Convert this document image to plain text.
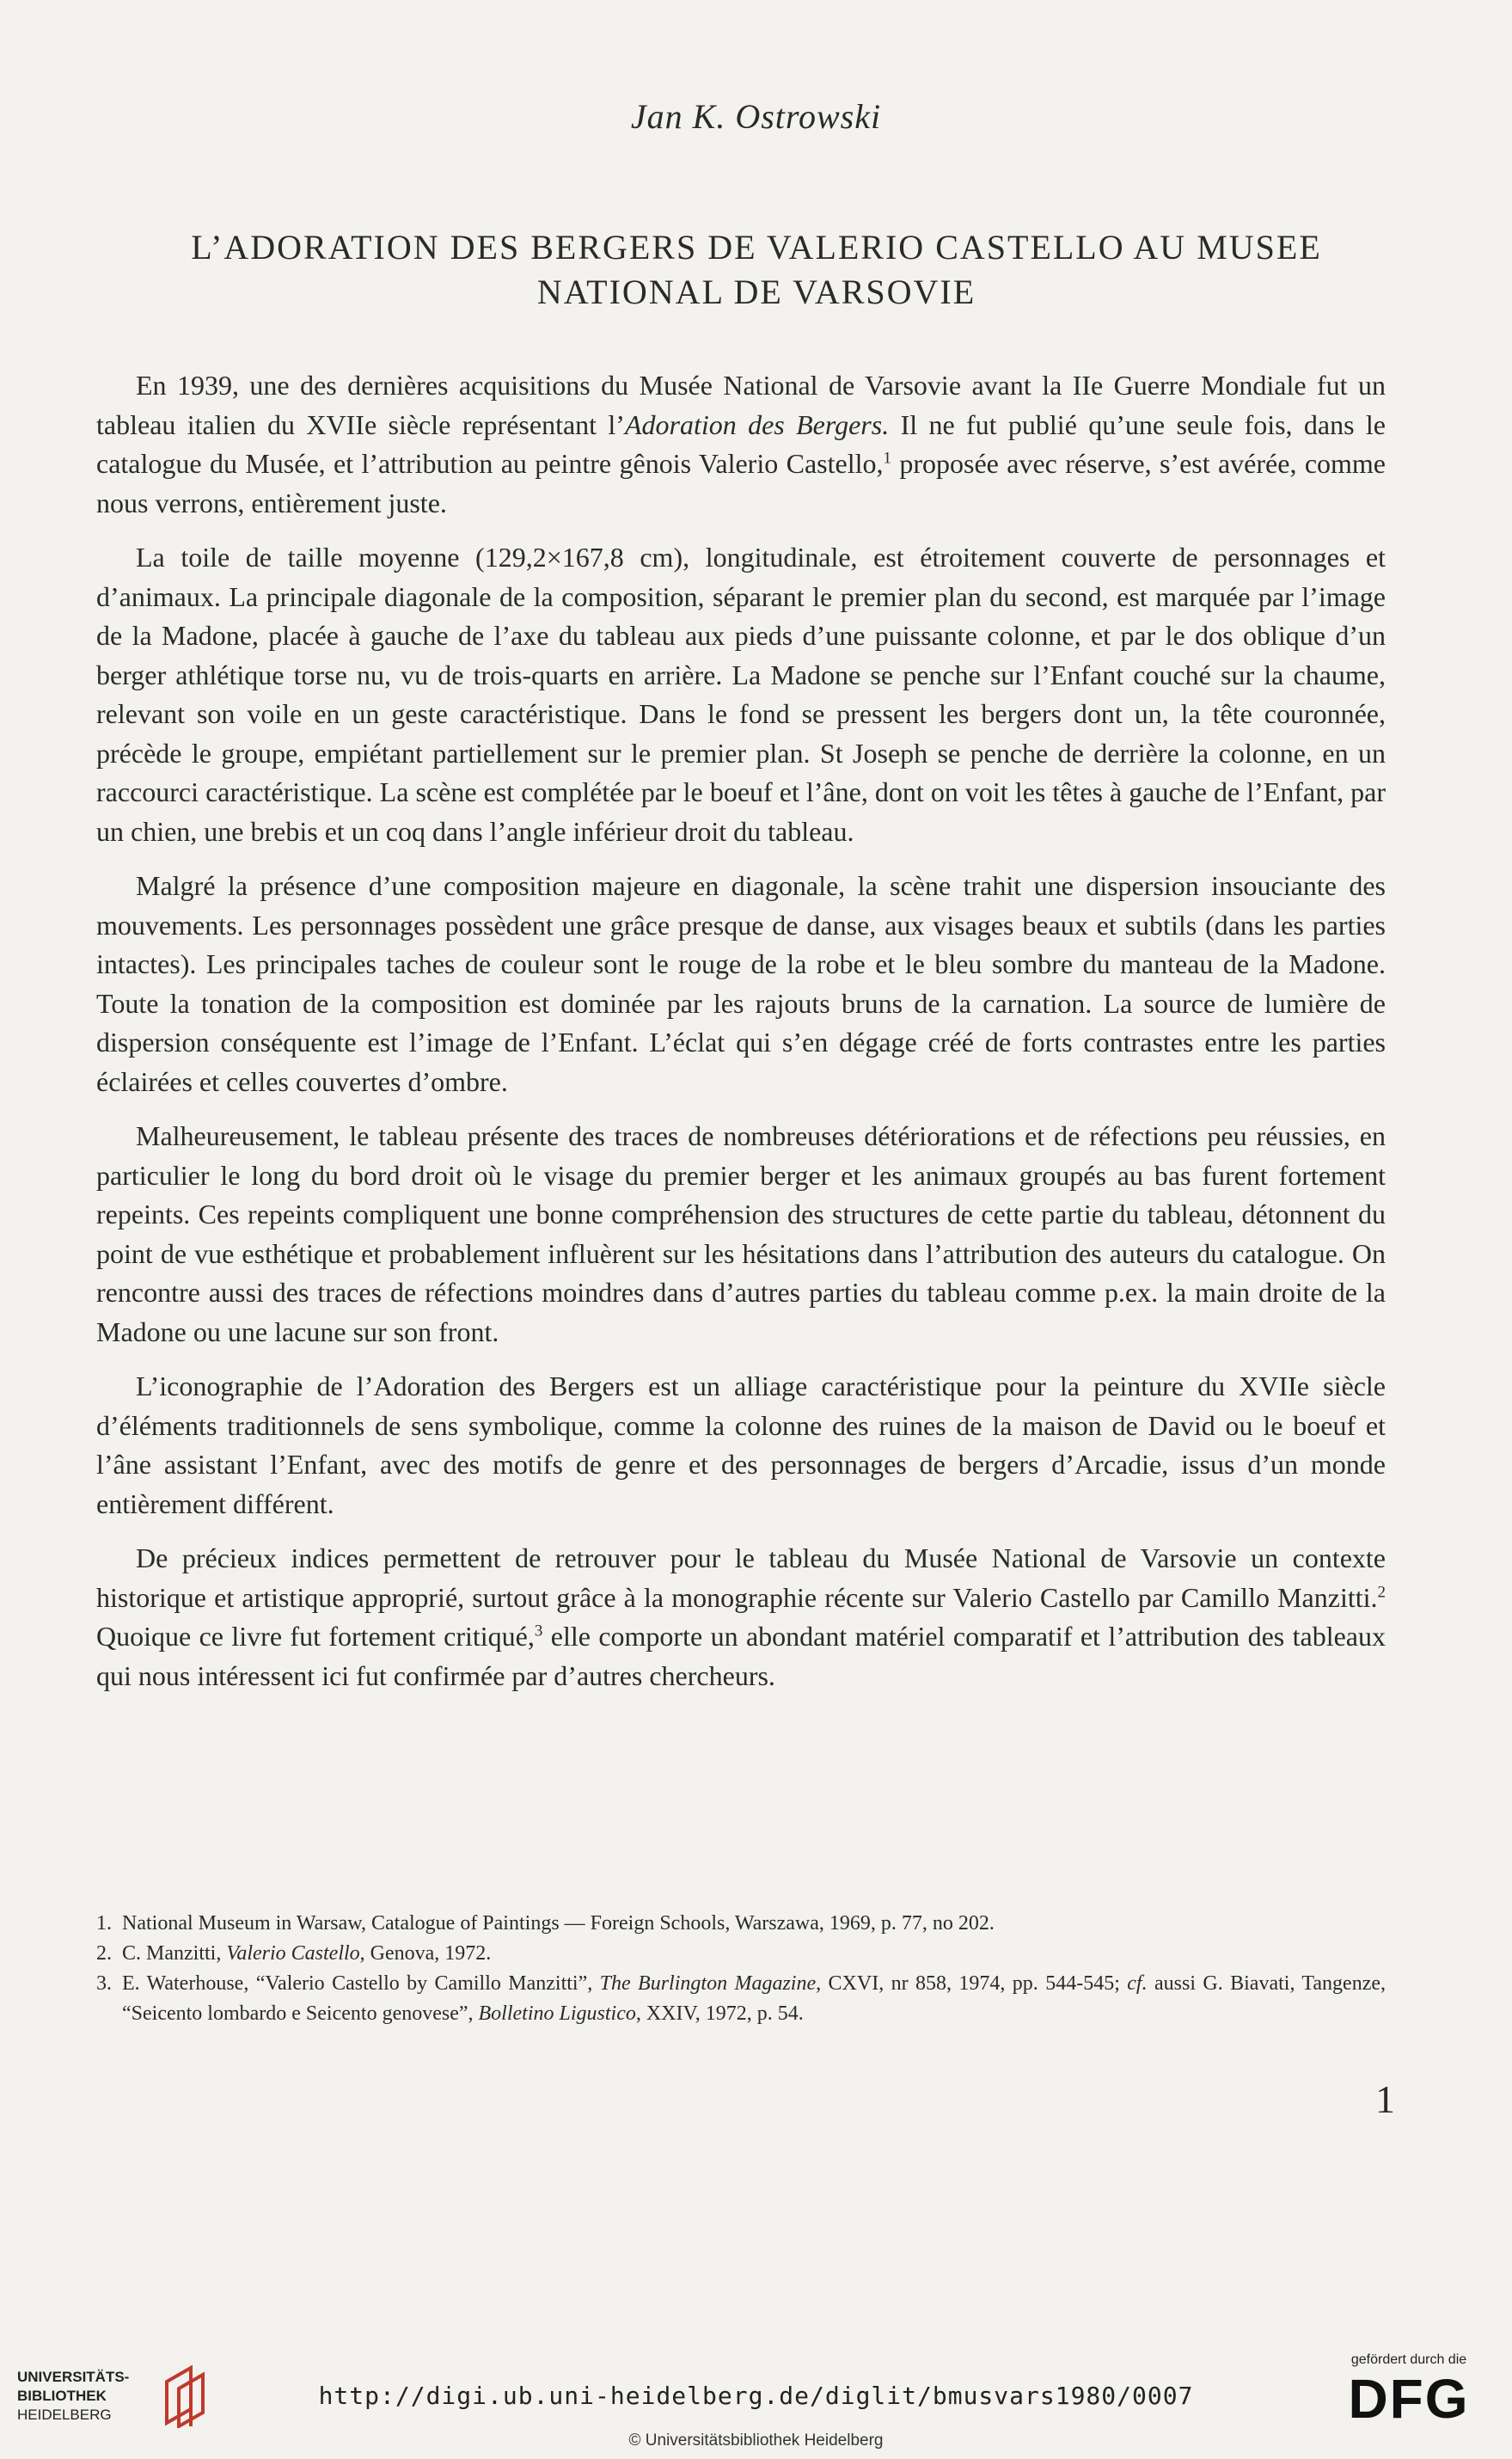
Jan K. Ostrowski
L’ADORATION DES BERGERS DE VALERIO CASTELLO AU MUSEE
NATIONAL DE VARSOVIE

En 1939, une des dernières acquisitions du Musée National de Varsovie avant la IIe Guerre Mondiale fut un tableau italien du XVIIe siècle représentant l’Adoration des Bergers. Il ne fut publié qu’une seule fois, dans le catalogue du Musée, et l’attribution au peintre gênois Valerio Castello,$^1$ proposée avec réserve, s’est avérée, comme nous verrons, entièrement juste.

La toile de taille moyenne (129,2×167,8 cm), longitudinale, est étroitement couverte de personnages et d’animaux. La principale diagonale de la composition, séparant le premier plan du second, est marquée par l’image de la Madone, placée à gauche de l’axe du tableau aux pieds d’une puissante colonne, et par le dos oblique d’un berger athlétique torse nu, vu de trois-quarts en arrière. La Madone se penche sur l’Enfant couché sur la chaume, relevant son voile en un geste caractéristique. Dans le fond se pressent les bergers dont un, la tête couronnée, précède le groupe, empiétant partiellement sur le premier plan. St Joseph se penche de derrière la colonne, en un raccourci caractéristique. La scène est complétée par le boeuf et l’âne, dont on voit les têtes à gauche de l’Enfant, par un chien, une brebis et un coq dans l’angle inférieur droit du tableau.

Malgré la présence d’une composition majeure en diagonale, la scène trahit une dispersion insouciante des mouvements. Les personnages possèdent une grâce presque de danse, aux visages beaux et subtils (dans les parties intactes). Les principales taches de couleur sont le rouge de la robe et le bleu sombre du manteau de la Madone. Toute la tonation de la composition est dominée par les rajouts bruns de la carnation. La source de lumière de dispersion conséquente est l’image de l’Enfant. L’éclat qui s’en dégage créé de forts contrastes entre les parties éclairées et celles couvertes d’ombre.

Malheureusement, le tableau présente des traces de nombreuses détériorations et de réfections peu réussies, en particulier le long du bord droit où le visage du premier berger et les animaux groupés au bas furent fortement repeints. Ces repeints compliquent une bonne compréhension des structures de cette partie du tableau, détonnent du point de vue esthétique et probablement influèrent sur les hésitations dans l’attribution des auteurs du catalogue. On rencontre aussi des traces de réfections moindres dans d’autres parties du tableau comme p.ex. la main droite de la Madone ou une lacune sur son front.

L’iconographie de l’Adoration des Bergers est un alliage caractéristique pour la peinture du XVIIe siècle d’éléments traditionnels de sens symbolique, comme la colonne des ruines de la maison de David ou le boeuf et l’âne assistant l’Enfant, avec des motifs de genre et des personnages de bergers d’Arcadie, issus d’un monde entièrement différent.

De précieux indices permettent de retrouver pour le tableau du Musée National de Varsovie un contexte historique et artistique approprié, surtout grâce à la monographie récente sur Valerio Castello par Camillo Manzitti.$^2$ Quoique ce livre fut fortement critiqué,$^3$ elle comporte un abondant matériel comparatif et l’attribution des tableaux qui nous intéressent ici fut confirmée par d’autres chercheurs.

1. National Museum in Warsaw, Catalogue of Paintings — Foreign Schools, Warszawa, 1969, p. 77, no 202.
2. C. Manzitti, Valerio Castello, Genova, 1972.
3. E. Waterhouse, “Valerio Castello by Camillo Manzitti”, The Burlington Magazine, CXVI, nr 858, 1974, pp. 544-545; cf. aussi G. Biavati, Tangenze, “Seicento lombardo e Seicento genovese”, Bolletino Ligustico, XXIV, 1972, p. 54.
1
UNIVERSITÄTS-
BIBLIOTHEK
HEIDELBERG
http://digi.ub.uni-heidelberg.de/diglit/bmusvars1980/0007
© Universitätsbibliothek Heidelberg
gefördert durch die
DFG
